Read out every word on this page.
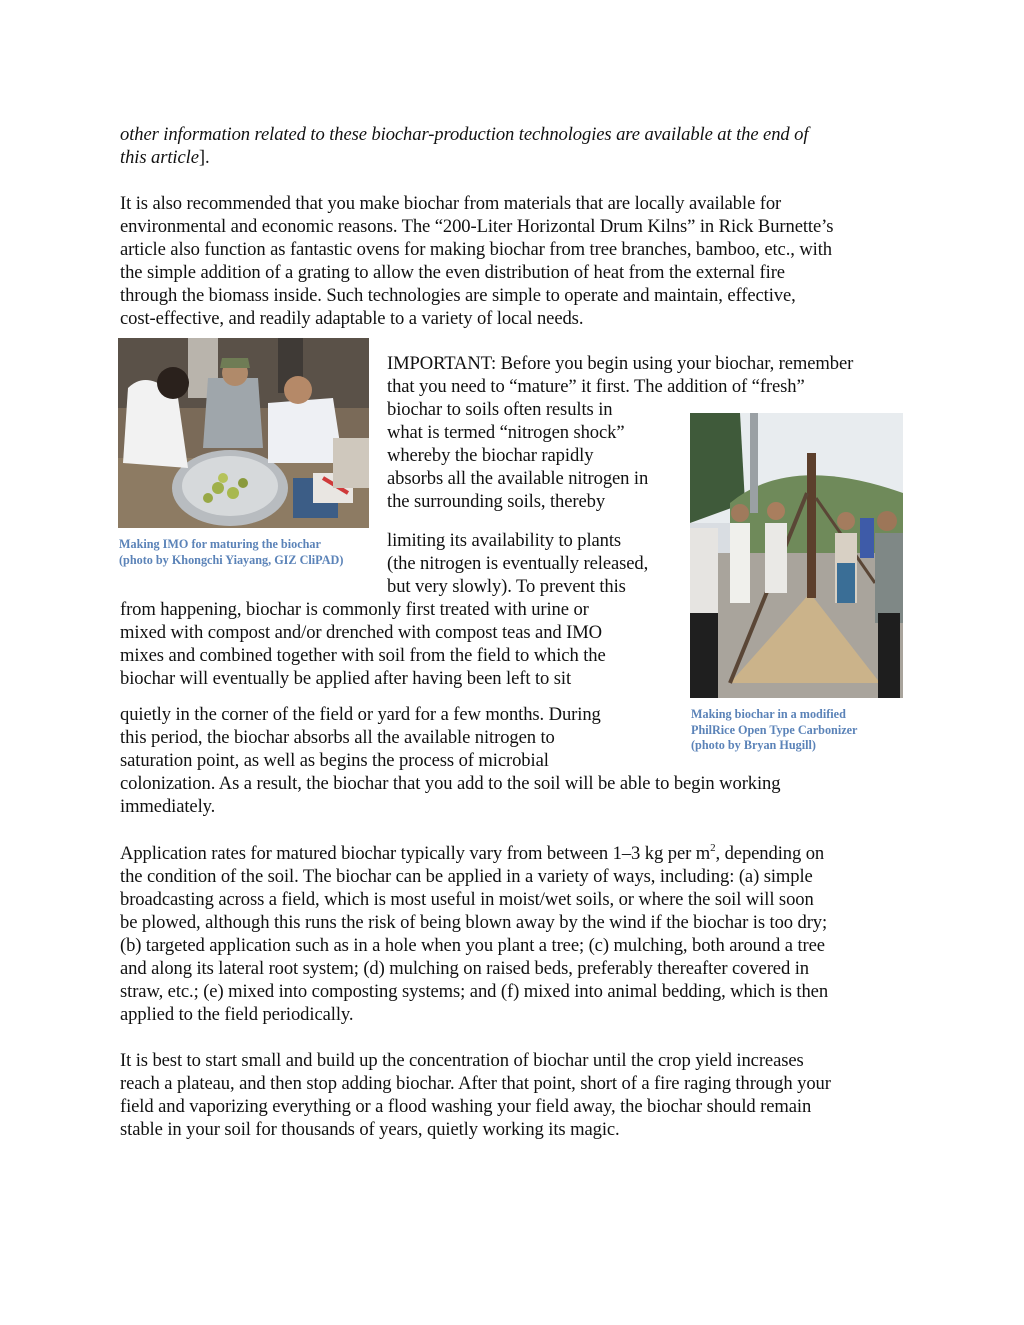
other information related to these biochar-production technologies are available at the end of
this article].
It is also recommended that you make biochar from materials that are locally available for
environmental and economic reasons. The “200-Liter Horizontal Drum Kilns” in Rick Burnette’s
article also function as fantastic ovens for making biochar from tree branches, bamboo, etc., with
the simple addition of a grating to allow the even distribution of heat from the external fire
through the biomass inside. Such technologies are simple to operate and maintain, effective,
cost-effective, and readily adaptable to a variety of local needs.
Making IMO for maturing the biochar
(photo by Khongchi Yiayang, GIZ CliPAD)
Making biochar in a modified
PhilRice Open Type Carbonizer
(photo by Bryan Hugill)
IMPORTANT: Before you begin using your biochar, remember
that you need to “mature” it first. The addition of “fresh”
biochar to soils often results in
what is termed “nitrogen shock”
whereby the biochar rapidly
absorbs all the available nitrogen in
the surrounding soils, thereby
limiting its availability to plants
(the nitrogen is eventually released,
but very slowly). To prevent this
from happening, biochar is commonly first treated with urine or
mixed with compost and/or drenched with compost teas and IMO
mixes and combined together with soil from the field to which the
biochar will eventually be applied after having been left to sit
quietly in the corner of the field or yard for a few months. During
this period, the biochar absorbs all the available nitrogen to
saturation point, as well as begins the process of microbial
colonization. As a result, the biochar that you add to the soil will be able to begin working
immediately.
Application rates for matured biochar typically vary from between 1–3 kg per $m^2$, depending on
the condition of the soil. The biochar can be applied in a variety of ways, including: (a) simple
broadcasting across a field, which is most useful in moist/wet soils, or where the soil will soon
be plowed, although this runs the risk of being blown away by the wind if the biochar is too dry;
(b) targeted application such as in a hole when you plant a tree; (c) mulching, both around a tree
and along its lateral root system; (d) mulching on raised beds, preferably thereafter covered in
straw, etc.; (e) mixed into composting systems; and (f) mixed into animal bedding, which is then
applied to the field periodically.
It is best to start small and build up the concentration of biochar until the crop yield increases
reach a plateau, and then stop adding biochar. After that point, short of a fire raging through your
field and vaporizing everything or a flood washing your field away, the biochar should remain
stable in your soil for thousands of years, quietly working its magic.
